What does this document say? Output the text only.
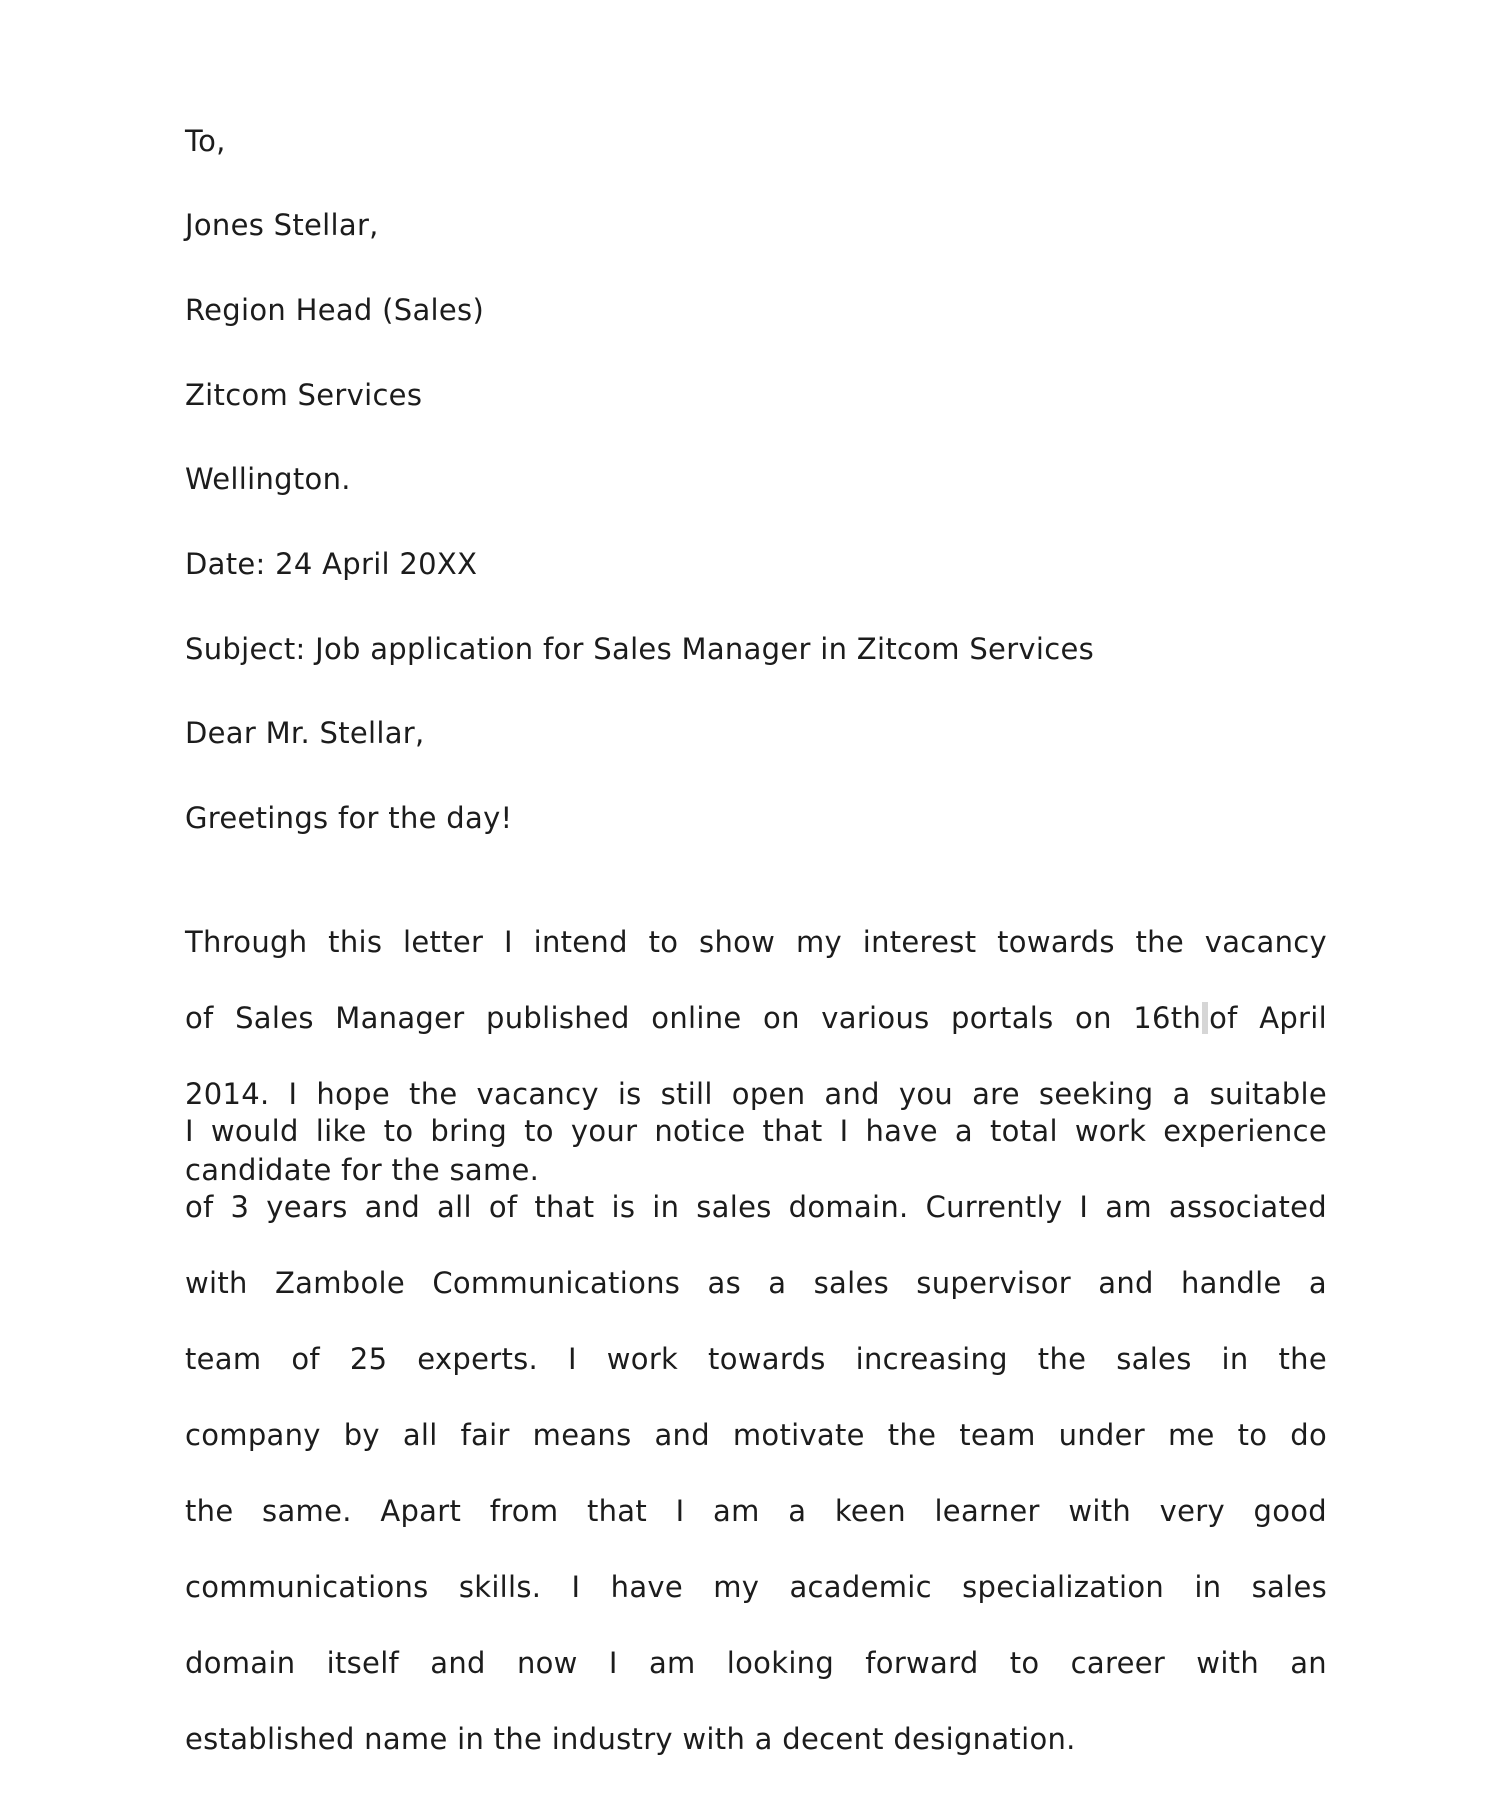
To,

Jones Stellar,

Region Head (Sales)

Zitcom Services

Wellington.

Date: 24 April 20XX

Subject: Job application for Sales Manager in Zitcom Services

Dear Mr. Stellar,

Greetings for the day!

Through this letter I intend to show my interest towards the vacancy

of Sales Manager published online on various portals on 16th of April

2014. I hope the vacancy is still open and you are seeking a suitable

candidate for the same.

I would like to bring to your notice that I have a total work experience

of 3 years and all of that is in sales domain. Currently I am associated

with Zambole Communications as a sales supervisor and handle a

team of 25 experts. I work towards increasing the sales in the

company by all fair means and motivate the team under me to do

the same. Apart from that I am a keen learner with very good

communications skills. I have my academic specialization in sales

domain itself and now I am looking forward to career with an

established name in the industry with a decent designation.
